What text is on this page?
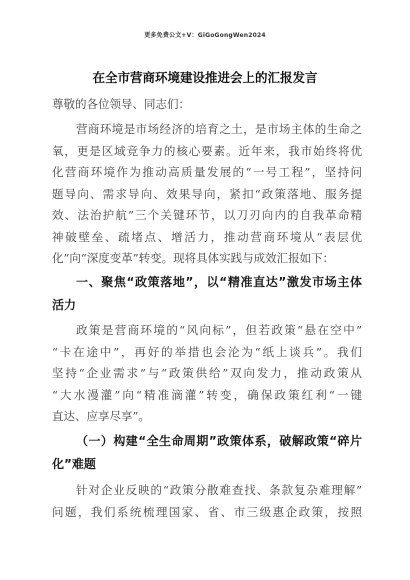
更多免费公文+V：GiGoGongWen2024
在全市营商环境建设推进会上的汇报发言
尊敬的各位领导、同志们：
营商环境是市场经济的培育之土，是市场主体的生命之
氧，更是区域竞争力的核心要素。近年来，我市始终将优
化营商环境作为推动高质量发展的“一号工程”，坚持问
题导向、需求导向、效果导向，紧扣“政策落地、服务提
效、法治护航”三个关键环节，以刀刃向内的自我革命精
神破壁垒、疏堵点、增活力，推动营商环境从“表层优
化”向“深度变革”转变。现将具体实践与成效汇报如下：
一、聚焦“政策落地”，以“精准直达”激发市场主体
活力
政策是营商环境的“风向标”，但若政策“悬在空中”
“卡在途中”，再好的举措也会沦为“纸上谈兵”。我们
坚持“企业需求”与“政策供给”双向发力，推动政策从
“大水漫灌”向“精准滴灌”转变，确保政策红利“一键
直达、应享尽享”。
（一）构建“全生命周期”政策体系，破解政策“碎片
化”难题
针对企业反映的“政策分散难查找、条款复杂难理解”
问题，我们系统梳理国家、省、市三级惠企政策，按照
